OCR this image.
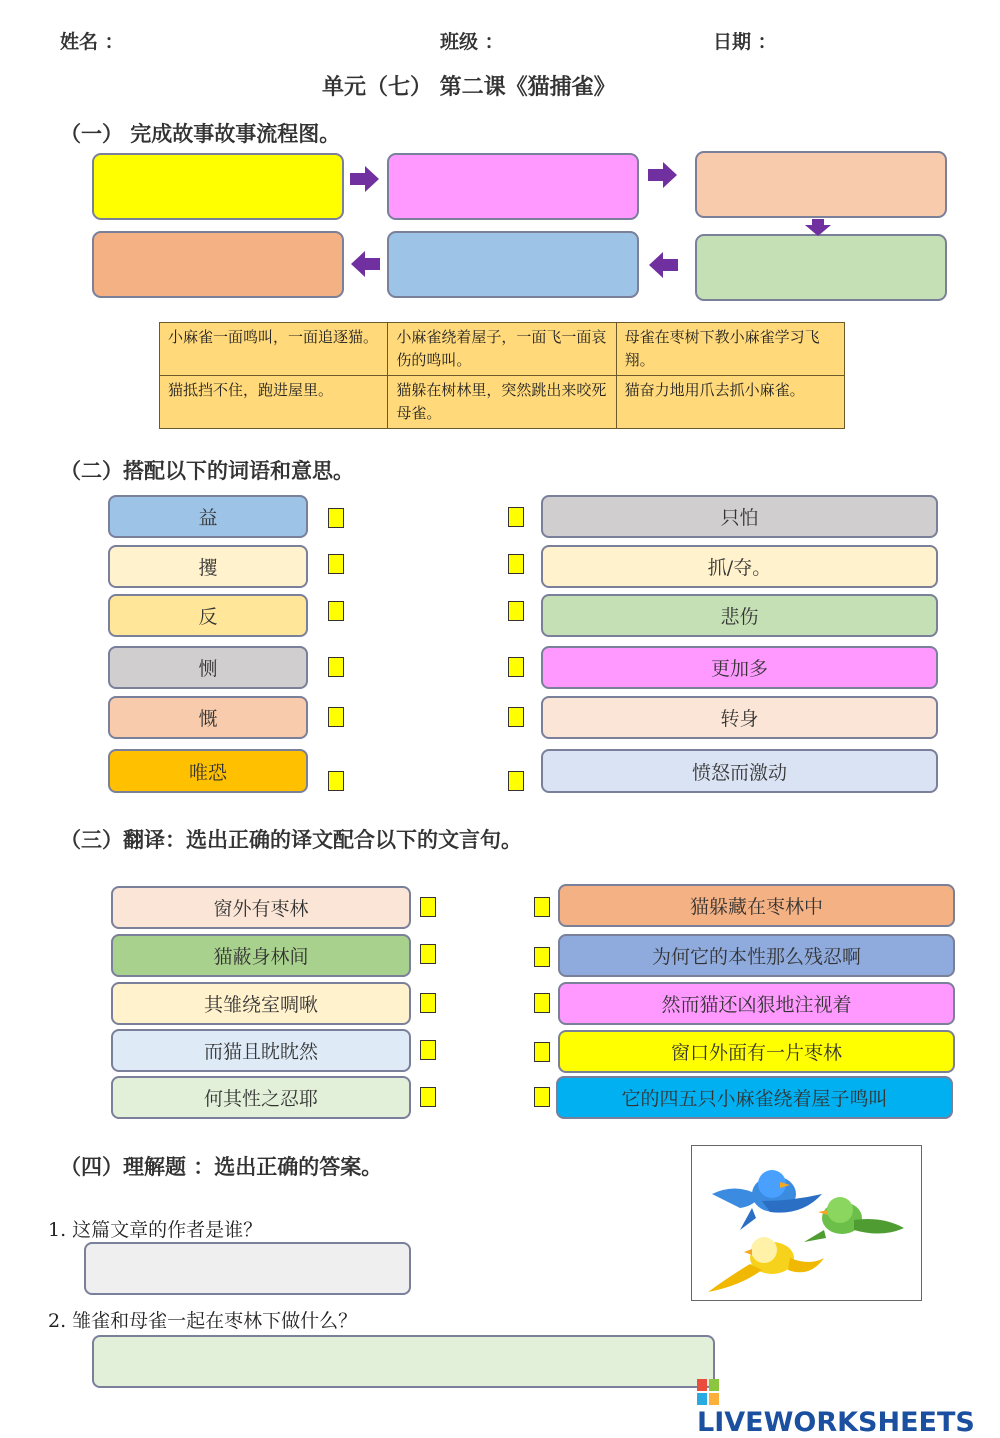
姓名 ：	班级 ：	日期 ：
单元（七） 第二课《猫捕雀》
（一） 完成故事故事流程图。
小麻雀一面鸣叫，一面追逐猫。	小麻雀绕着屋子，一面飞一面哀伤的鸣叫。	母雀在枣树下教小麻雀学习飞翔。
猫抵挡不住，跑进屋里。	猫躲在树林里，突然跳出来咬死母雀。	猫奋力地用爪去抓小麻雀。
（二）搭配以下的词语和意思。
益
攫
反
恻
慨
唯恐
只怕
抓/夺。
悲伤
更加多
转身
愤怒而激动
（三）翻译：选出正确的译文配合以下的文言句。
窗外有枣林
猫蔽身林间
其雏绕室啁啾
而猫且眈眈然
何其性之忍耶
猫躲藏在枣林中
为何它的本性那么残忍啊
然而猫还凶狠地注视着
窗口外面有一片枣林
它的四五只小麻雀绕着屋子鸣叫
（四）理解题 ：选出正确的答案。
1. 这篇文章的作者是谁？
2. 雏雀和母雀一起在枣林下做什么？
LIVEWORKSHEETS
